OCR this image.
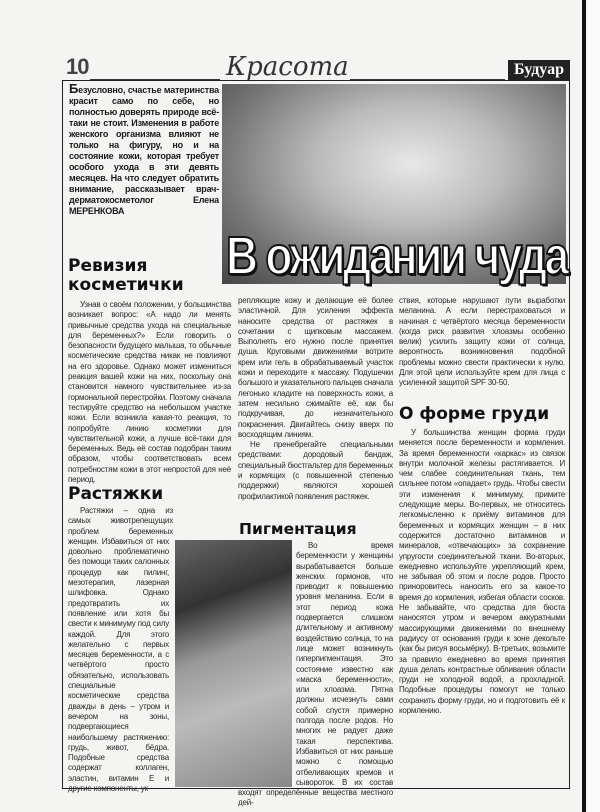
10	Красота	Будуар
Безусловно, счастье материнства красит само по себе, но полностью доверять природе всё-таки не стоит. Изменения в работе женского организма влияют не только на фигуру, но и на состояние кожи, которая требует особого ухода в эти девять месяцев. На что следует обратить внимание, рассказывает врач-дерматокосметолог Елена МЕРЕНКОВА
В ожидании чуда
Ревизия косметички

Узнав о своём положении, у большинства возникает вопрос: «А надо ли менять привычные средства ухода на специальные для беременных?» Если говорить о безопасности будущего малыша, то обычные косметические средства никак не повлияют на его здоровье. Однако может измениться реакция вашей кожи на них, поскольку она становится намного чувствительнее из-за гормональной перестройки. Поэтому сначала тестируйте средство на небольшом участке кожи. Если возникла какая-то реакция, то попробуйте линию косметики для чувствительной кожи, а лучше всё-таки для беременных. Ведь её состав подобран таким образом, чтобы соответствовать всем потребностям кожи в этот непростой для неё период.

Растяжки

Растяжки – одна из самых животрепещущих проблем беременных женщин. Избавиться от них довольно проблематично без помощи таких салонных процедур как пилинг, мезотерапия, лазерная шлифовка. Однако предотвратить их появление или хотя бы свести к минимуму под силу каждой. Для этого желательно с первых месяцев беременности, а с четвёртого просто обязательно, использовать специальные косметические средства дважды в день – утром и вечером на зоны, подвергающиеся наибольшему растяжению: грудь, живот, бёдра. Подобные средства содержат коллаген, эластин, витамин Е и другие компоненты, ук-

репляющие кожу и делающие её более эластичной. Для усиления эффекта наносите средства от растяжек в сочетании с щипковым массажем. Выполнять его нужно после принятия душа. Круговыми движениями вотрите крем или гель в обрабатываемый участок кожи и переходите к массажу. Подушечки большого и указательного пальцев сначала легонько кладите на поверхность кожи, а затем несильно сжимайте её, как бы подкручивая, до незначительного покраснения. Двигайтесь снизу вверх по восходящим линиям.

Не пренебрегайте специальными средствами: дородовый бандаж, специальный бюстгальтер для беременных и кормящих (с повышенной степенью поддержки) являются хорошей профилактикой появления растяжек.

Пигментация

Во время беременности у женщины вырабатывается больше женских гормонов, что приводит к повышению уровня меланина. Если в этот период кожа подвергается слишком длительному и активному воздействию солнца, то на лице может возникнуть гиперпигментация. Это состояние известно как «маска беременности», или хлоазма. Пятна должны исчезнуть сами собой спустя примерно полгода после родов. Но многих не радует даже такая перспектива. Избавиться от них раньше можно с помощью отбеливающих кремов и сывороток. В их состав входят определённые вещества местного дей-

ствия, которые нарушают пути выработки меланина. А если перестраховаться и начиная с четвёртого месяца беременности (когда риск развития хлоазмы особенно велик) усилить защиту кожи от солнца, вероятность возникновения подобной проблемы можно свести практически к нулю. Для этой цели используйте крем для лица с усиленной защитой SPF 30-50.

О форме груди

У большинства женщин форма груди меняется после беременности и кормления. За время беременности «каркас» из связок внутри молочной железы растягивается. И чем слабее соединительная ткань, тем сильнее потом «опадает» грудь. Чтобы свести эти изменения к минимуму, примите следующие меры. Во-первых, не относитесь легкомысленно к приёму витаминов для беременных и кормящих женщин – в них содержится достаточно витаминов и минералов, «отвечающих» за сохранение упругости соединительной ткани. Во-вторых, ежедневно используйте укрепляющий крем, не забывая об этом и после родов. Просто приноровитесь наносить его за какое-то время до кормления, избегая области сосков. Не забывайте, что средства для бюста наносятся утром и вечером аккуратными массирующими движениями по внешнему радиусу от основания груди к зоне декольте (как бы рисуя восьмёрку). В-третьих, возьмите за правило ежедневно во время принятия душа делать контрастные обливания области груди не холодной водой, а прохладной. Подобные процедуры помогут не только сохранить форму груди, но и подготовить её к кормлению.
